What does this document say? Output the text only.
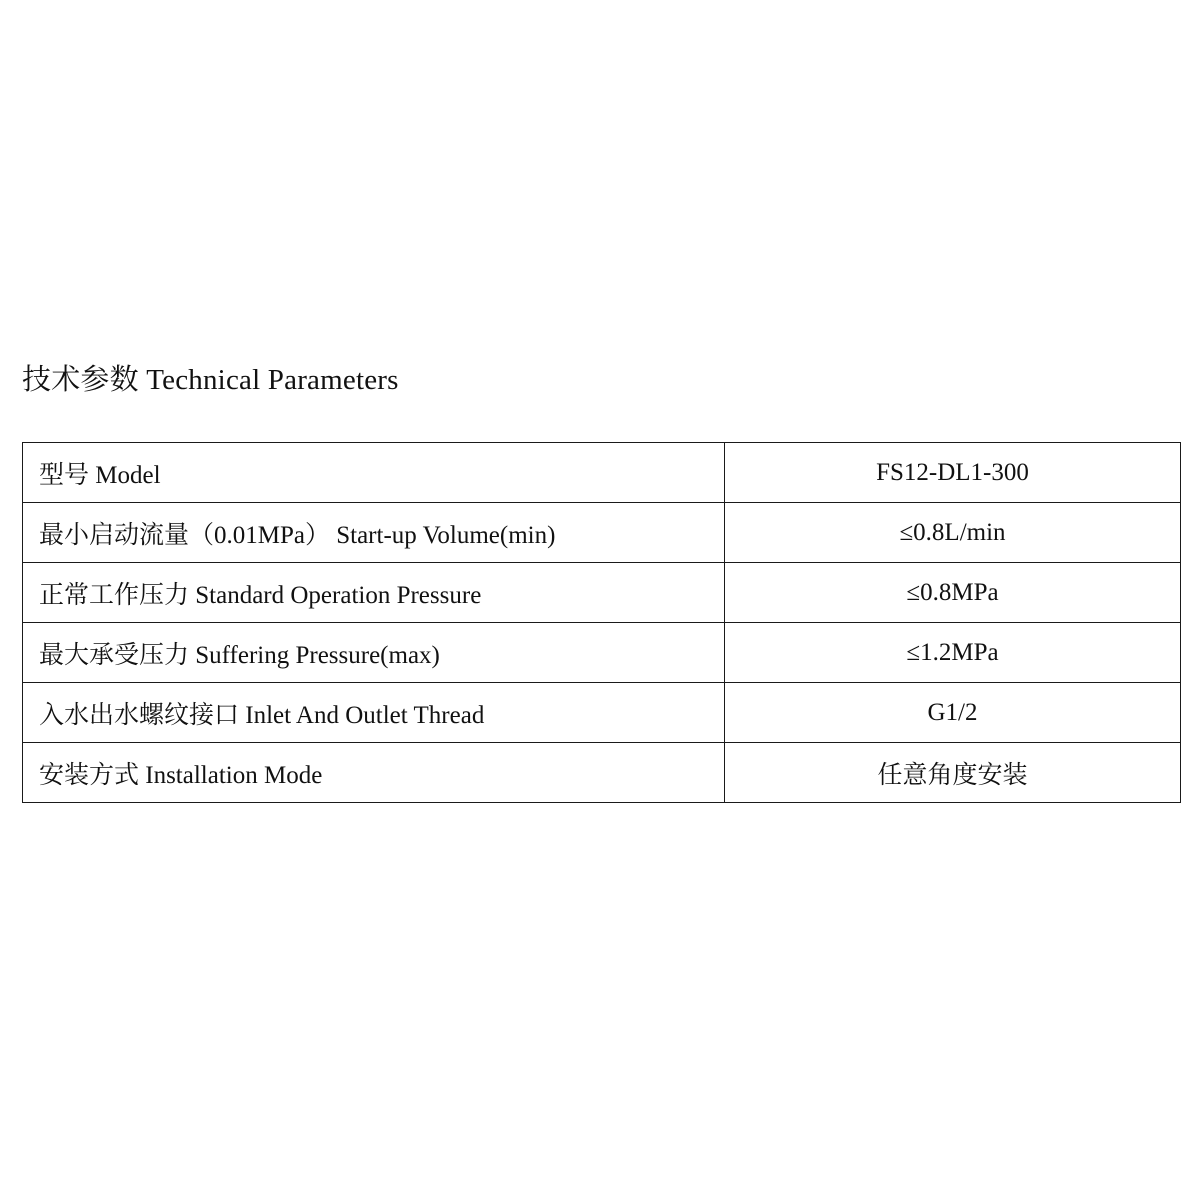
技术参数 Technical Parameters
型号 Model	FS12-DL1-300
最小启动流量（0.01MPa） Start-up Volume(min)	≤0.8L/min
正常工作压力 Standard Operation Pressure	≤0.8MPa
最大承受压力 Suffering Pressure(max)	≤1.2MPa
入水出水螺纹接口 Inlet And Outlet Thread	G1/2
安装方式 Installation Mode	任意角度安装
